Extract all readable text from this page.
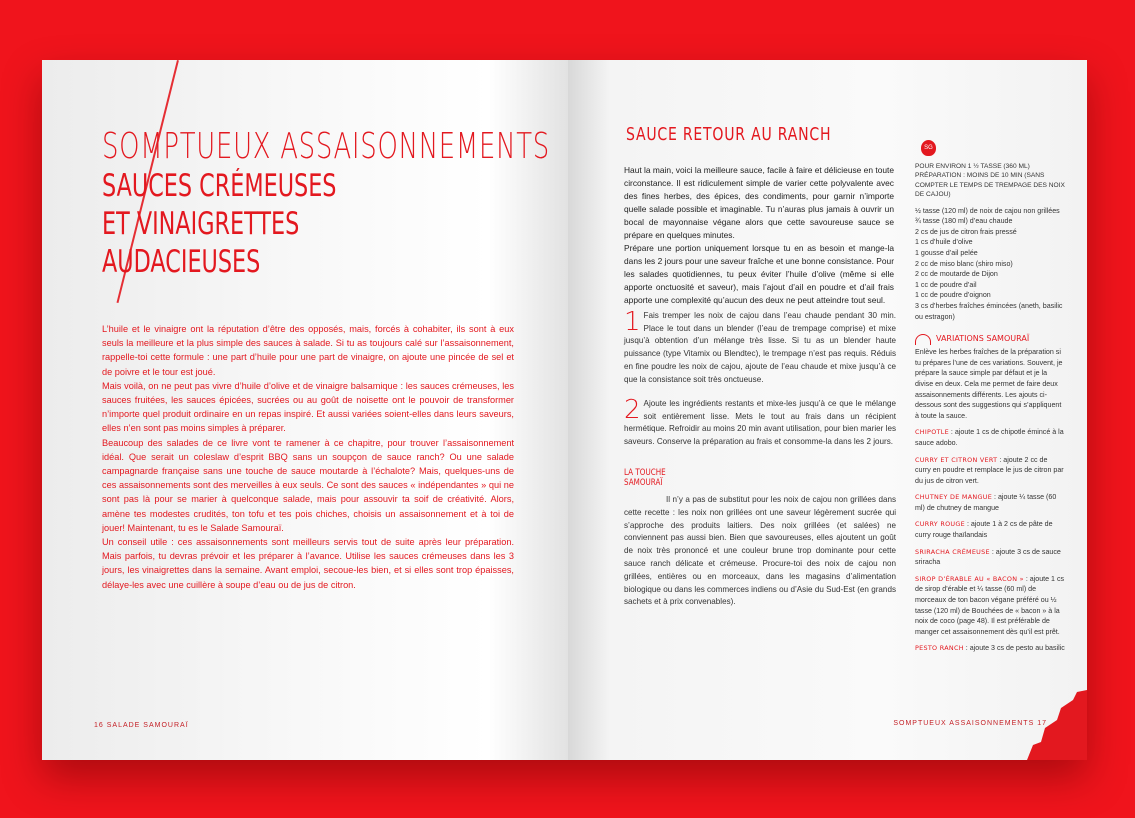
SOMPTUEUX ASSAISONNEMENTS
SAUCES CRÉMEUSES
ET VINAIGRETTES
AUDACIEUSES

L’huile et le vinaigre ont la réputation d’être des opposés, mais, forcés à cohabiter, ils sont à eux seuls la meilleure et la plus simple des sauces à salade. Si tu as toujours calé sur l’assaisonnement, rappelle-toi cette formule : une part d’huile pour une part de vinaigre, on ajoute une pincée de sel et de poivre et le tour est joué.

Mais voilà, on ne peut pas vivre d’huile d’olive et de vinaigre balsamique : les sauces crémeuses, les sauces fruitées, les sauces épicées, sucrées ou au goût de noisette ont le pouvoir de transformer n’importe quel produit ordinaire en un repas inspiré. Et aussi variées soient-elles dans leurs saveurs, elles n’en sont pas moins simples à préparer.

Beaucoup des salades de ce livre vont te ramener à ce chapitre, pour trouver l’assaisonnement idéal. Que serait un coleslaw d’esprit BBQ sans un soupçon de sauce ranch? Ou une salade campagnarde française sans une touche de sauce moutarde à l’échalote? Mais, quelques-uns de ces assaisonnements sont des merveilles à eux seuls. Ce sont des sauces « indépendantes » qui ne sont pas là pour se marier à quelconque salade, mais pour assouvir ta soif de créativité. Alors, amène tes modestes crudités, ton tofu et tes pois chiches, choisis un assaisonnement et à toi de jouer! Maintenant, tu es le Salade Samouraï.

Un conseil utile : ces assaisonnements sont meilleurs servis tout de suite après leur préparation. Mais parfois, tu devras prévoir et les préparer à l’avance. Utilise les sauces crémeuses dans les 3 jours, les vinaigrettes dans la semaine. Avant emploi, secoue-les bien, et si elles sont trop épaisses, délaye-les avec une cuillère à soupe d’eau ou de jus de citron.

16 SALADE SAMOURAÏ
SAUCE RETOUR AU RANCH

Haut la main, voici la meilleure sauce, facile à faire et délicieuse en toute circonstance. Il est ridiculement simple de varier cette polyvalente avec des fines herbes, des épices, des condiments, pour garnir n’importe quelle salade possible et imaginable. Tu n’auras plus jamais à ouvrir un bocal de mayonnaise végane alors que cette savoureuse sauce se prépare en quelques minutes.

Prépare une portion uniquement lorsque tu en as besoin et mange-la dans les 2 jours pour une saveur fraîche et une bonne consistance. Pour les salades quotidiennes, tu peux éviter l’huile d’olive (même si elle apporte onctuosité et saveur), mais l’ajout d’ail en poudre et d’ail frais apporte une complexité qu’aucun des deux ne peut atteindre tout seul.

1 Fais tremper les noix de cajou dans l’eau chaude pendant 30 min. Place le tout dans un blender (l’eau de trempage comprise) et mixe jusqu’à obtention d’un mélange très lisse. Si tu as un blender haute puissance (type Vitamix ou Blendtec), le trempage n’est pas requis. Réduis en fine poudre les noix de cajou, ajoute de l’eau chaude et mixe jusqu’à ce que la consistance soit très onctueuse.
2 Ajoute les ingrédients restants et mixe-les jusqu’à ce que le mélange soit entièrement lisse. Mets le tout au frais dans un récipient hermétique. Refroidir au moins 20 min avant utilisation, pour bien marier les saveurs. Conserve la préparation au frais et consomme-la dans les 2 jours.
LA TOUCHE
SAMOURAÏ
Il n’y a pas de substitut pour les noix de cajou non grillées dans cette recette : les noix non grillées ont une saveur légèrement sucrée qui s’approche des produits laitiers. Des noix grillées (et salées) ne conviennent pas aussi bien. Bien que savoureuses, elles ajoutent un goût de noix très prononcé et une couleur brune trop dominante pour cette sauce ranch délicate et crémeuse. Procure-toi des noix de cajou non grillées, entières ou en morceaux, dans les magasins d’alimentation biologique ou dans les commerces indiens ou d’Asie du Sud-Est (en grands sachets et à prix convenables).
SG
POUR ENVIRON 1 ½ TASSE (360 ML) PRÉPARATION : MOINS DE 10 MIN (SANS COMPTER LE TEMPS DE TREMPAGE DES NOIX DE CAJOU)
½ tasse (120 ml) de noix de cajou non grillées
¾ tasse (180 ml) d’eau chaude
2 cs de jus de citron frais pressé
1 cs d’huile d’olive
1 gousse d’ail pelée
2 cc de miso blanc (shiro miso)
2 cc de moutarde de Dijon
1 cc de poudre d’ail
1 cc de poudre d’oignon
3 cs d’herbes fraîches émincées (aneth, basilic ou estragon)
VARIATIONS SAMOURAÏ

Enlève les herbes fraîches de la préparation si tu prépares l’une de ces variations. Souvent, je prépare la sauce simple par défaut et je la divise en deux. Cela me permet de faire deux assaisonnements différents. Les ajouts ci-dessous sont des suggestions qui s’appliquent à toute la sauce.

CHIPOTLE : ajoute 1 cs de chipotle émincé à la sauce adobo.

CURRY ET CITRON VERT : ajoute 2 cc de curry en poudre et remplace le jus de citron par du jus de citron vert.

CHUTNEY DE MANGUE : ajoute ¼ tasse (60 ml) de chutney de mangue

CURRY ROUGE : ajoute 1 à 2 cs de pâte de curry rouge thaïlandais

SRIRACHA CRÉMEUSE : ajoute 3 cs de sauce sriracha

SIROP D’ÉRABLE AU « BACON » : ajoute 1 cs de sirop d’érable et ¼ tasse (60 ml) de morceaux de ton bacon végane préféré ou ½ tasse (120 ml) de Bouchées de « bacon » à la noix de coco (page 48). Il est préférable de manger cet assaisonnement dès qu’il est prêt.

PESTO RANCH : ajoute 3 cs de pesto au basilic

SOMPTUEUX ASSAISONNEMENTS 17
